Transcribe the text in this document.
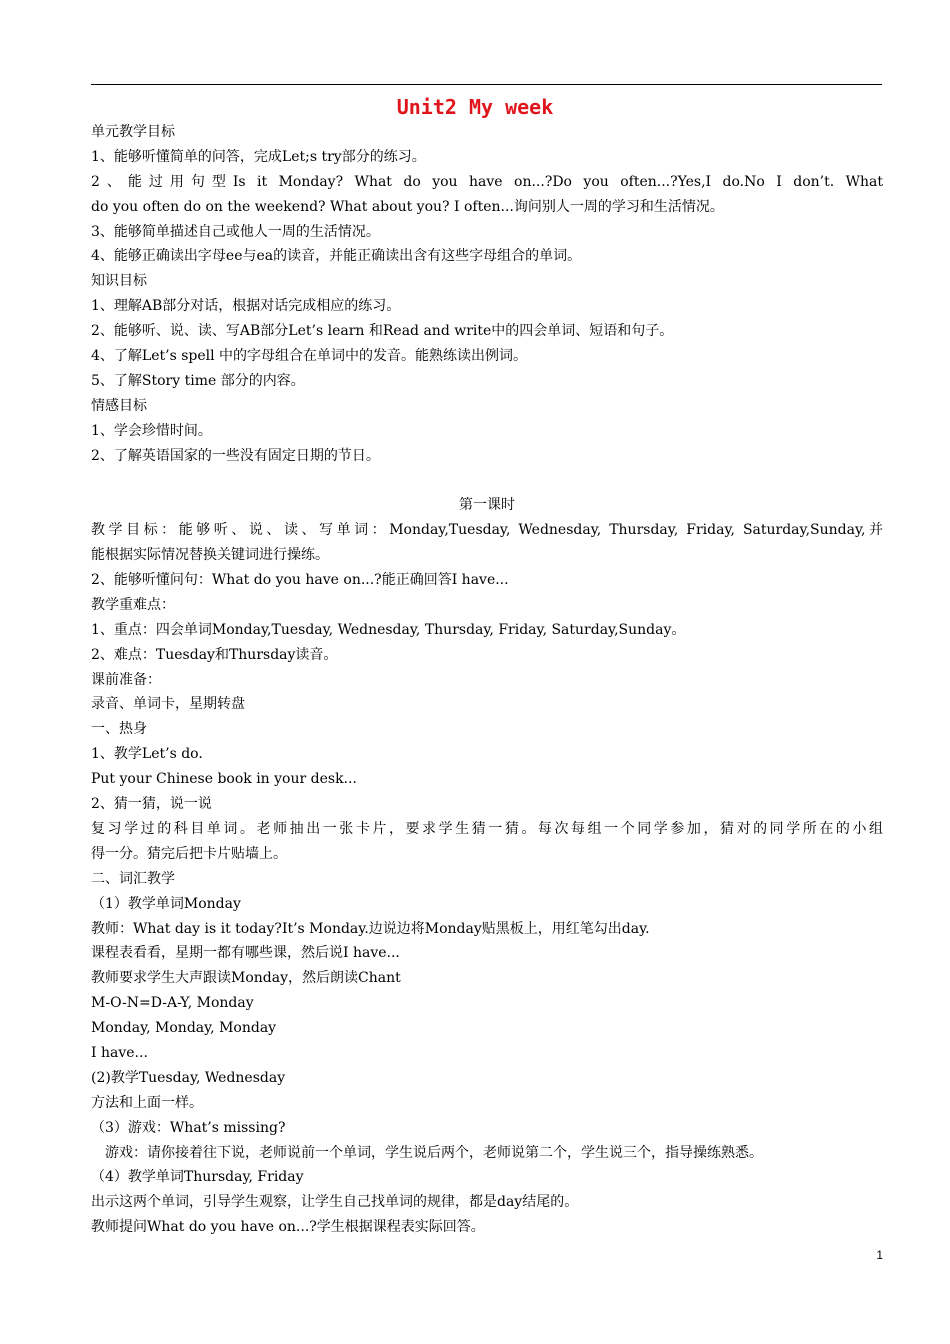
Unit2 My week
单元教学目标
1、能够听懂简单的问答，完成Let;s try部分的练习。
2、能过用句型Is it Monday? What do you have on...?Do you often...?Yes,I do.No I don’t. What
do you often do on the weekend? What about you? I often...询问别人一周的学习和生活情况。
3、能够简单描述自己或他人一周的生活情况。
4、能够正确读出字母ee与ea的读音，并能正确读出含有这些字母组合的单词。
知识目标
1、理解AB部分对话，根据对话完成相应的练习。
2、能够听、说、读、写AB部分Let’s learn 和Read and write中的四会单词、短语和句子。
4、了解Let’s spell 中的字母组合在单词中的发音。能熟练读出例词。
5、了解Story time 部分的内容。
情感目标
1、学会珍惜时间。
2、了解英语国家的一些没有固定日期的节日。
第一课时
教学目标：能够听、说、读、写单词：Monday,Tuesday, Wednesday, Thursday, Friday, Saturday,Sunday,并
能根据实际情况替换关键词进行操练。
2、能够听懂问句：What do you have on...?能正确回答I have...
教学重难点：
1、重点：四会单词Monday,Tuesday, Wednesday, Thursday, Friday, Saturday,Sunday。
2、难点：Tuesday和Thursday读音。
课前准备：
录音、单词卡，星期转盘
一、热身
1、教学Let’s do.
Put your Chinese book in your desk...
2、猜一猜，说一说
复习学过的科目单词。老师抽出一张卡片，要求学生猜一猜。每次每组一个同学参加，猜对的同学所在的小组
得一分。猜完后把卡片贴墙上。
二、词汇教学
（1）教学单词Monday
教师：What day is it today?It’s Monday.边说边将Monday贴黑板上，用红笔勾出day.
课程表看看，星期一都有哪些课，然后说I have...
教师要求学生大声跟读Monday，然后朗读Chant
M-O-N=D-A-Y, Monday
Monday, Monday, Monday
I have...
(2)教学Tuesday, Wednesday
方法和上面一样。
（3）游戏：What’s missing?
游戏：请你接着往下说，老师说前一个单词，学生说后两个，老师说第二个，学生说三个，指导操练熟悉。
（4）教学单词Thursday, Friday
出示这两个单词，引导学生观察，让学生自己找单词的规律，都是day结尾的。
教师提问What do you have on...?学生根据课程表实际回答。
1
